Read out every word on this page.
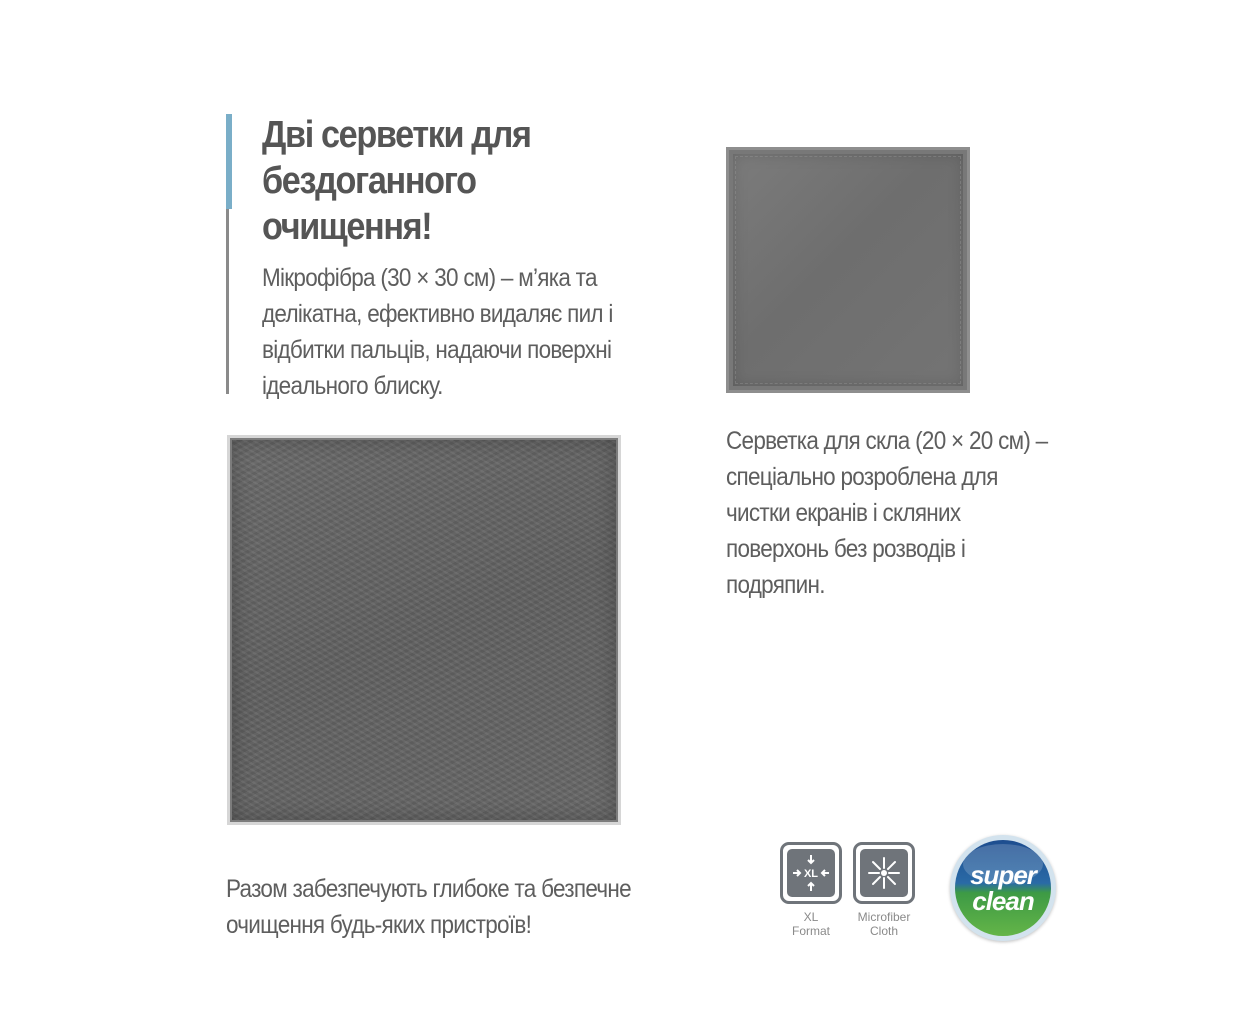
Дві серветки для бездоганного очищення!

Мікрофібра (30 × 30 см) – м’яка та делікатна, ефективно видаляє пил і відбитки пальців, надаючи поверхні ідеального блиску.

Серветка для скла (20 × 20 см) – спеціально розроблена для чистки екранів і скляних поверхонь без розводів і подряпин.

Разом забезпечують глибоке та безпечне очищення будь-яких пристроїв!

XL

XL
Format

Microfiber
Cloth

super

clean
